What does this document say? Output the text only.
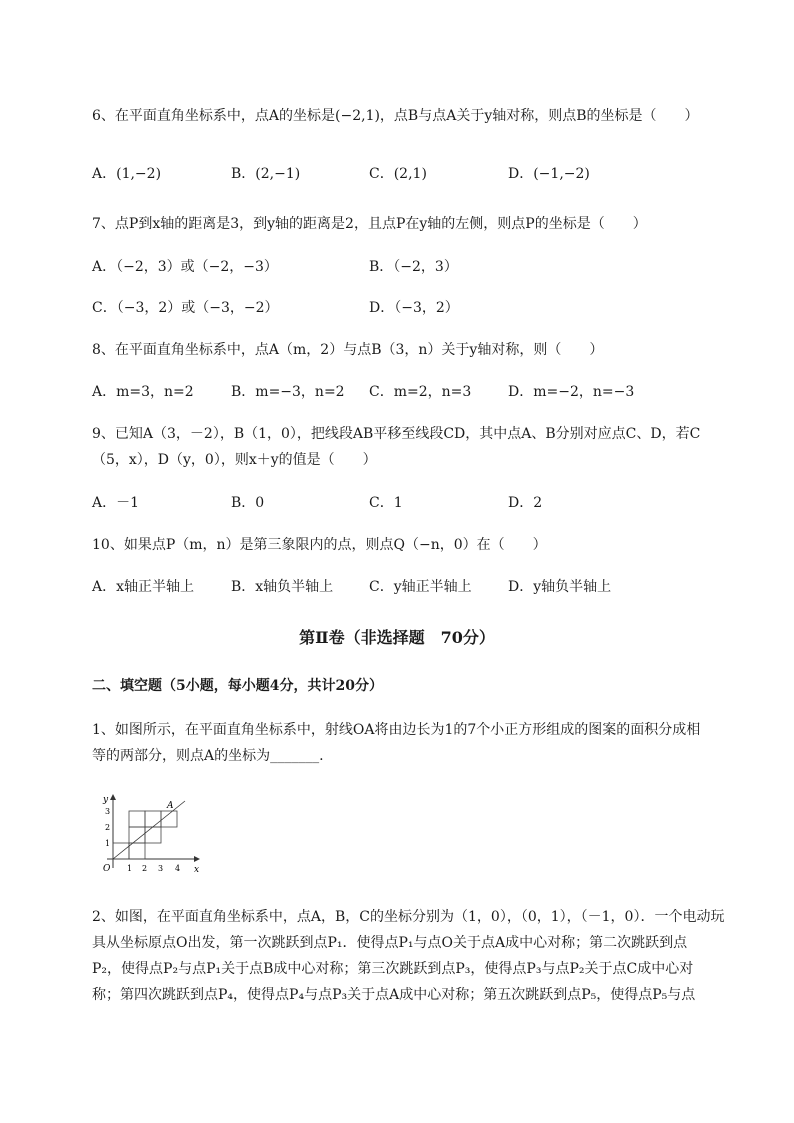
6、在平面直角坐标系中，点A的坐标是(−2,1)，点B与点A关于y轴对称，则点B的坐标是（　　）
A．(1,−2)	B．(2,−1)	C．(2,1)	D．(−1,−2)
7、点P到x轴的距离是3，到y轴的距离是2，且点P在y轴的左侧，则点P的坐标是（　　）
A．（−2，3）或（−2，−3）	B．（−2，3）
C．（−3，2）或（−3，−2）	D．（−3，2）
8、在平面直角坐标系中，点A（m，2）与点B（3，n）关于y轴对称，则（　　）
A．m=3，n=2	B．m=−3，n=2 C．m=2，n=3	D．m=−2，n=−3
9、已知A（3，－2），B（1，0），把线段AB平移至线段CD，其中点A、B分别对应点C、D，若C
（5，x），D（y，0），则x＋y的值是（　　）
A．－1	B．0	C．1	D．2
10、如果点P（m，n）是第三象限内的点，则点Q（−n，0）在（　　）
A．x轴正半轴上	B．x轴负半轴上	C．y轴正半轴上	D．y轴负半轴上
第Ⅱ卷（非选择题　70分）
二、填空题（5小题，每小题4分，共计20分）
1、如图所示，在平面直角坐标系中，射线OA将由边长为1的7个小正方形组成的图案的面积分成相
等的两部分，则点A的坐标为_______.
y
x
O
A
1 2 3 4
1
2
3
2、如图，在平面直角坐标系中，点A，B，C的坐标分别为（1，0），（0，1），（－1，0）．一个电动玩
具从坐标原点O出发，第一次跳跃到点P₁．使得点P₁与点O关于点A成中心对称；第二次跳跃到点
P₂，使得点P₂与点P₁关于点B成中心对称；第三次跳跃到点P₃，使得点P₃与点P₂关于点C成中心对
称；第四次跳跃到点P₄，使得点P₄与点P₃关于点A成中心对称；第五次跳跃到点P₅，使得点P₅与点
